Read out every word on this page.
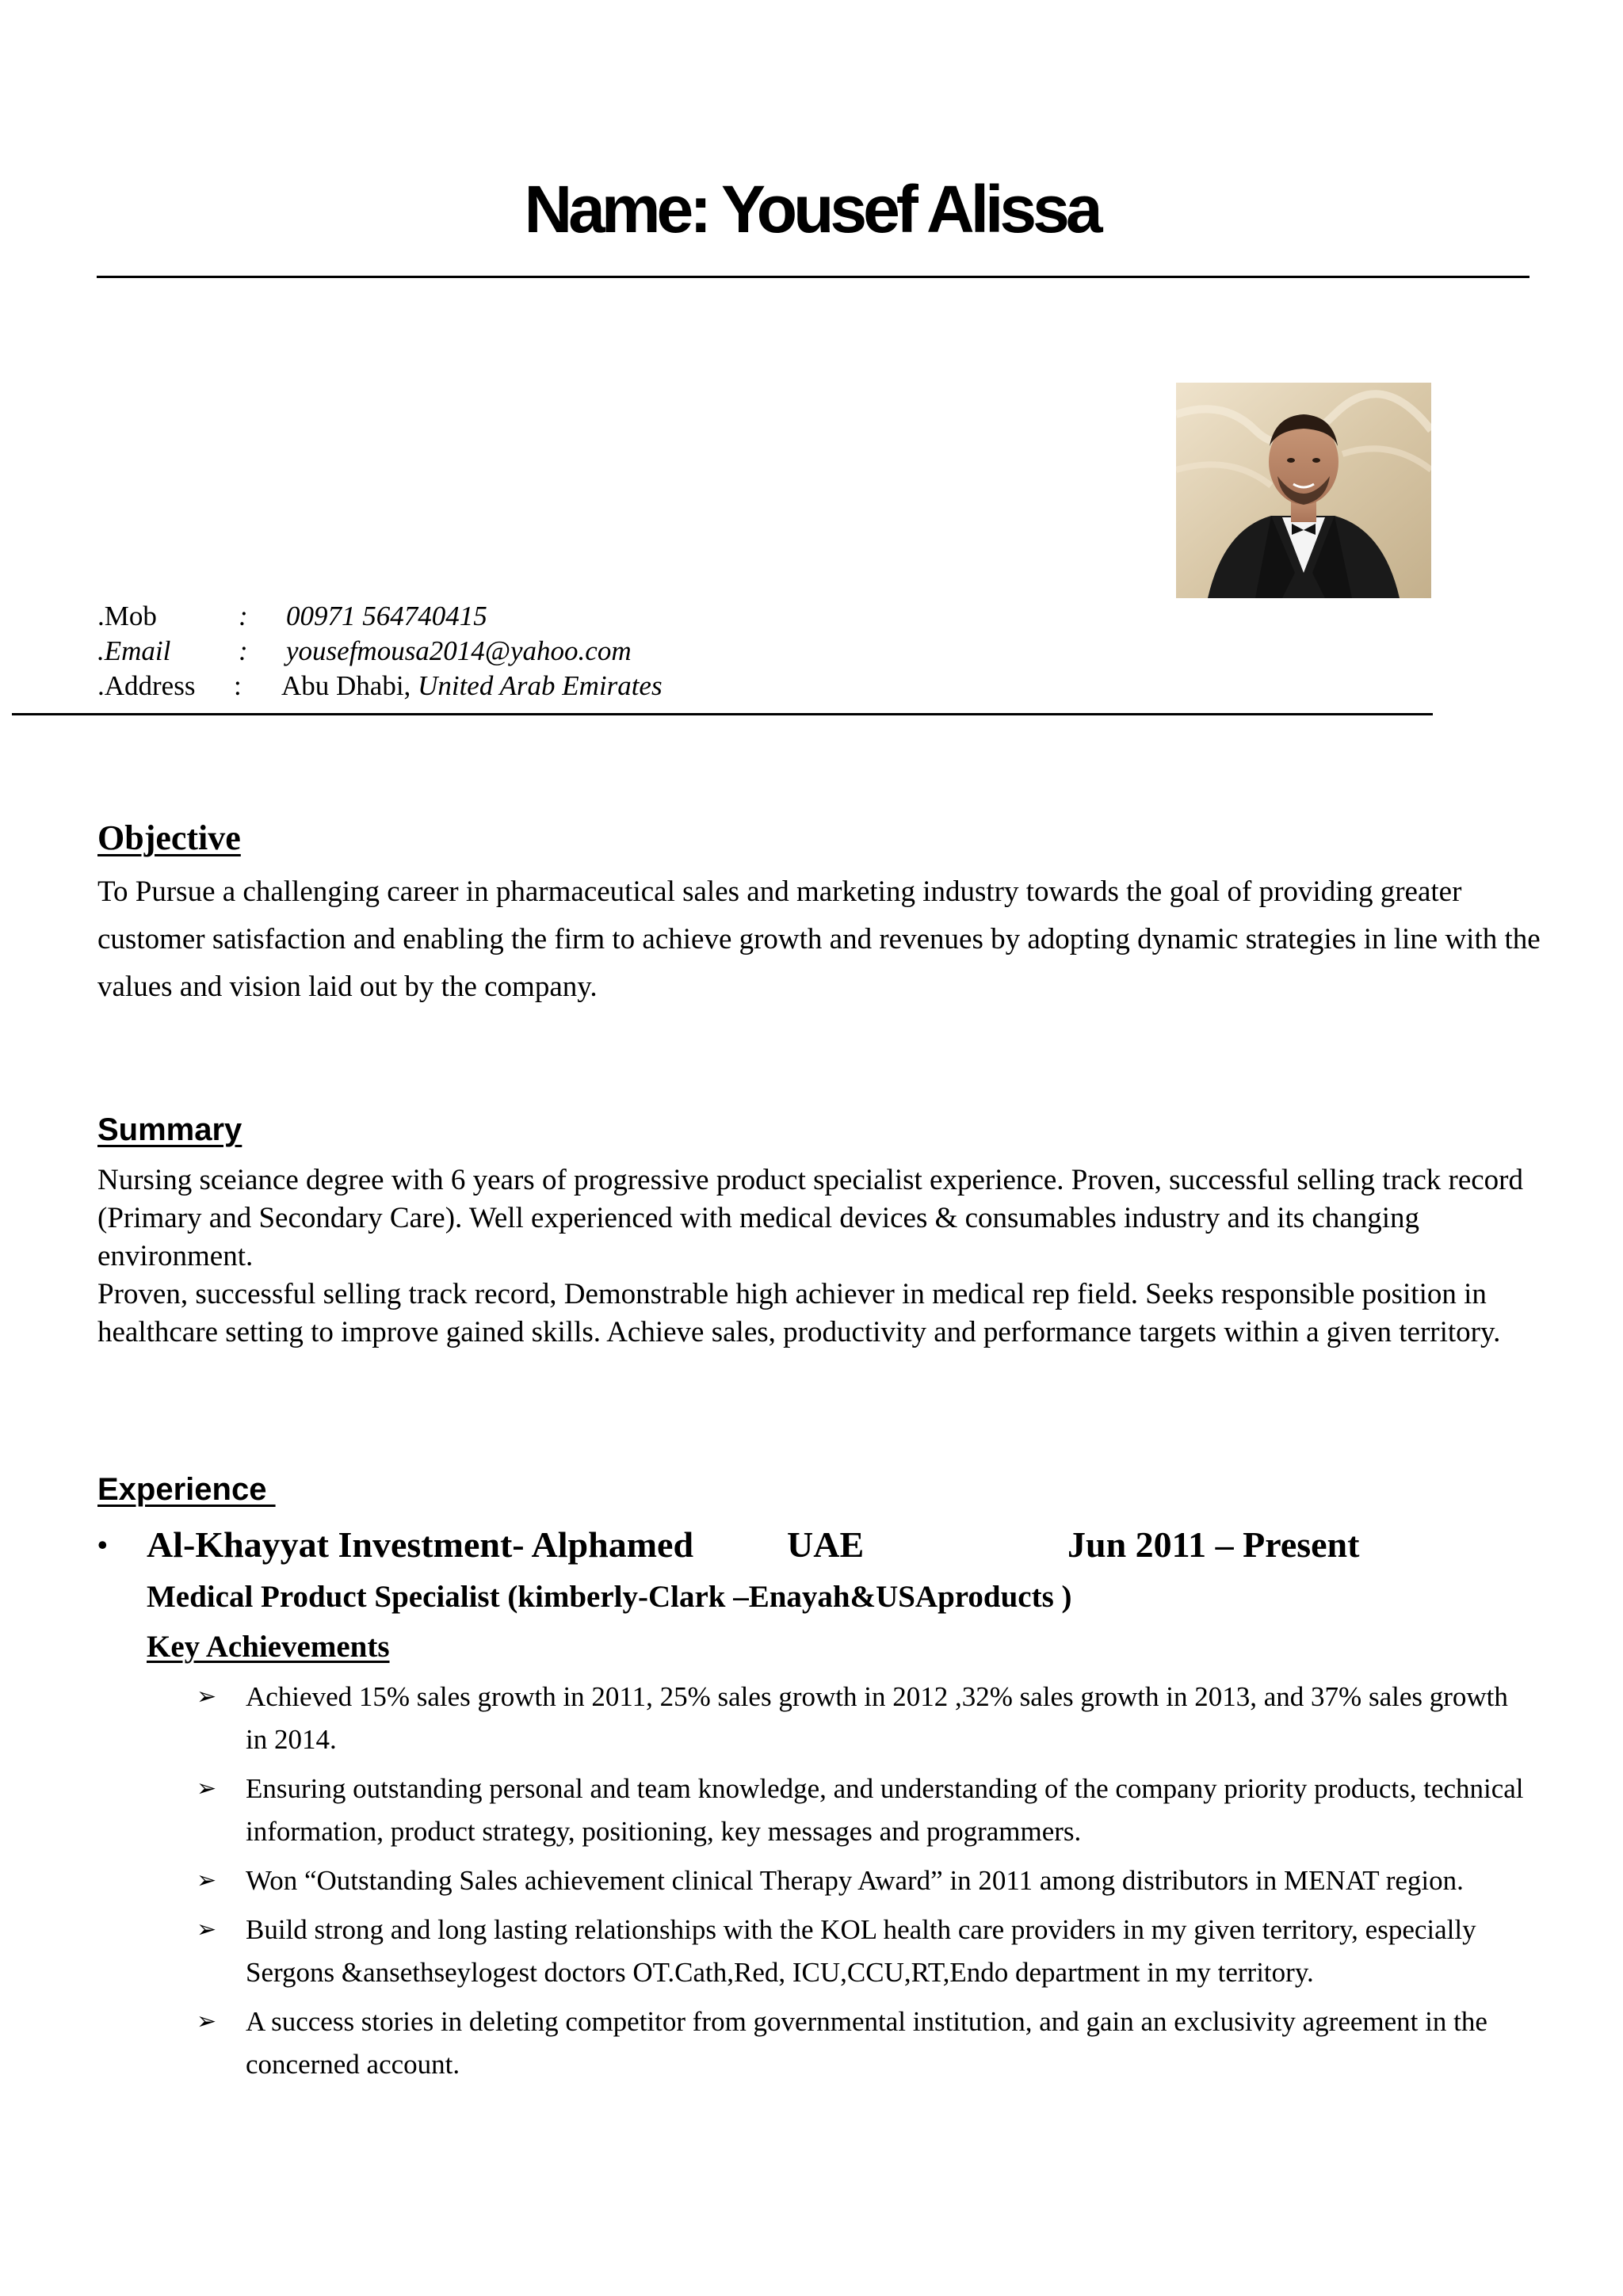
Name: Yousef Alissa
.Mob	: 00971 564740415
.Email : yousefmousa2014@yahoo.com
.Address : Abu Dhabi, United Arab Emirates
Objective
To Pursue a challenging career in pharmaceutical sales and marketing industry towards the goal of providing greater customer satisfaction and enabling the firm to achieve growth and revenues by adopting dynamic strategies in line with the values and vision laid out by the company.
Summary

Nursing sceiance degree with 6 years of progressive product specialist experience. Proven, successful selling track record (Primary and Secondary Care). Well experienced with medical devices & consumables industry and its changing environment.

Proven, successful selling track record, Demonstrable high achiever in medical rep field. Seeks responsible position in healthcare setting to improve gained skills. Achieve sales, productivity and performance targets within a given territory.

Experience
• Al-Khayyat Investment- Alphamed	UAE	Jun 2011 – Present
Medical Product Specialist (kimberly-Clark –Enayah&USAproducts )
Key Achievements
➢ Achieved 15% sales growth in 2011, 25% sales growth in 2012 ,32% sales growth in 2013, and 37% sales growth in 2014.
➢ Ensuring outstanding personal and team knowledge, and understanding of the company priority products, technical information, product strategy, positioning, key messages and programmers.
➢ Won “Outstanding Sales achievement clinical Therapy Award” in 2011 among distributors in MENAT region.
➢ Build strong and long lasting relationships with the KOL health care providers in my given territory, especially Sergons &ansethseylogest doctors OT.Cath,Red, ICU,CCU,RT,Endo department in my territory.
➢ A success stories in deleting competitor from governmental institution, and gain an exclusivity agreement in the concerned account.
